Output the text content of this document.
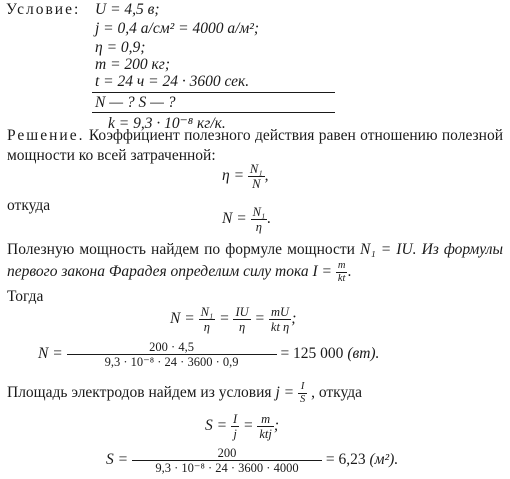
Условие: U = 4,5 в;
j = 0,4 а/см² = 4000 а/м²;
η = 0,9;
m = 200 кг;
t = 24 ч = 24 · 3600 сек.
N — ? S — ?
k = 9,3 · 10⁻⁸ кг/к.
Решение. Коэффициент полезного действия равен отношению полезной мощности ко всей затраченной:
$\eta = \frac{\text{N₁}}{N}$ ,
откуда
$N = \frac{\text{N₁}}{\eta}$ .
Полезную мощность найдем по формуле мощности N₁ = IU. Из формулы первого закона Фарадея определим силу тока $I = \frac{m}{kt}$ .
Тогда
$N = \frac{\text{N₁}}{\eta} = \frac{IU}{\eta} = \frac{mU}{\text{kt η}}$ ;
$N = \frac{200 \cdot 4,5}{\text{9,3 · 10⁻⁸ · 24 · 3600 · 0,9}} = 125$ 000 (вт).
Площадь электродов найдем из условия $j = \frac{I}{S}$ , откуда
$S = \frac{I}{j} = \frac{m}{\text{ktj}}$ ;
$S = \frac{200}{\text{9,3 · 10⁻⁸ · 24 · 3600 · 4000}} = 6,23$ (м²).
